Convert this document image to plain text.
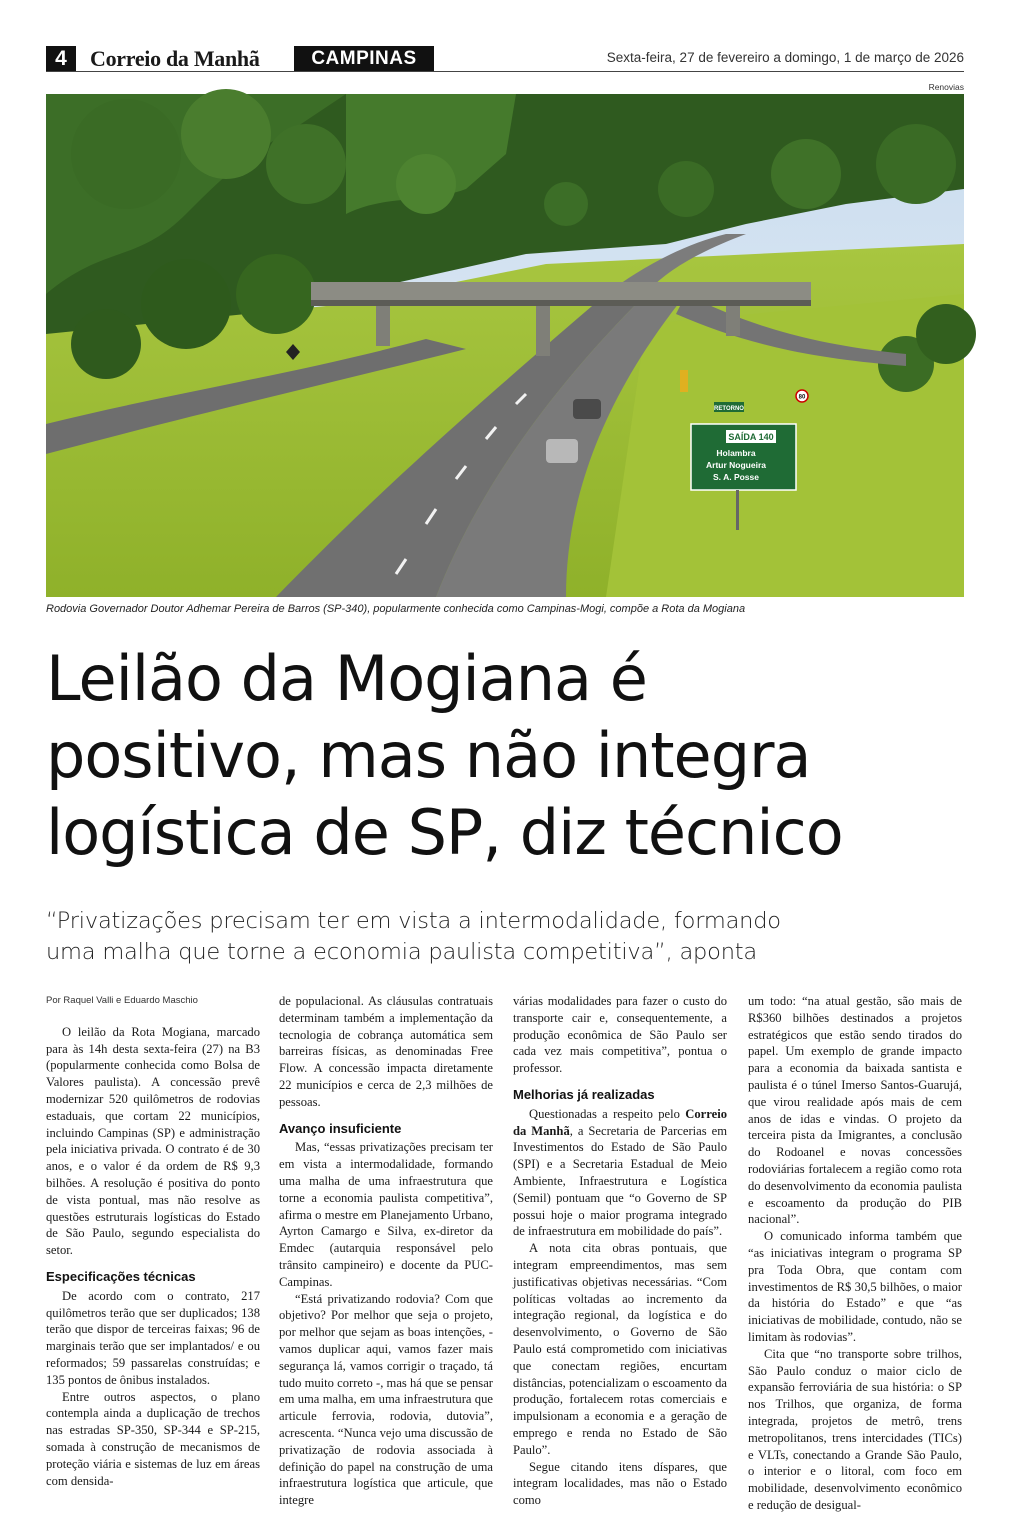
4	Correio da Manhã	CAMPINAS	Sexta-feira, 27 de fevereiro a domingo, 1 de março de 2026
Renovias
RETORNO
SAÍDA 140
Holambra
Artur Nogueira
S. A. Posse
80
Rodovia Governador Doutor Adhemar Pereira de Barros (SP-340), popularmente conhecida como Campinas-Mogi, compõe a Rota da Mogiana
Leilão da Mogiana é
positivo, mas não integra
logística de SP, diz técnico
“Privatizações precisam ter em vista a intermodalidade, formando
uma malha que torne a economia paulista competitiva”, aponta

Por Raquel Valli e Eduardo Maschio

O leilão da Rota Mogiana, marcado para às 14h desta sexta-feira (27) na B3 (popularmente conhecida como Bolsa de Valores paulista). A concessão prevê modernizar 520 quilômetros de rodovias estaduais, que cortam 22 municípios, incluindo Campinas (SP) e administração pela iniciativa privada. O contrato é de 30 anos, e o valor é da ordem de R$ 9,3 bilhões. A resolução é positiva do ponto de vista pontual, mas não resolve as questões estruturais logísticas do Estado de São Paulo, segundo especialista do setor.

Especificações técnicas

De acordo com o contrato, 217 quilômetros terão que ser duplicados; 138 terão que dispor de terceiras faixas; 96 de marginais terão que ser implantados/ e ou reformados; 59 passarelas construídas; e 135 pontos de ônibus instalados.

Entre outros aspectos, o plano contempla ainda a duplicação de trechos nas estradas SP-350, SP-344 e SP-215, somada à construção de mecanismos de proteção viária e sistemas de luz em áreas com densida-

de populacional. As cláusulas contratuais determinam também a implementação da tecnologia de cobrança automática sem barreiras físicas, as denominadas Free Flow. A concessão impacta diretamente 22 municípios e cerca de 2,3 milhões de pessoas.

Avanço insuficiente

Mas, “essas privatizações precisam ter em vista a intermodalidade, formando uma malha de uma infraestrutura que torne a economia paulista competitiva”, afirma o mestre em Planejamento Urbano, Ayrton Camargo e Silva, ex-diretor da Emdec (autarquia responsável pelo trânsito campineiro) e docente da PUC-Campinas.

“Está privatizando rodovia? Com que objetivo? Por melhor que seja o projeto, por melhor que sejam as boas intenções, - vamos duplicar aqui, vamos fazer mais segurança lá, vamos corrigir o traçado, tá tudo muito correto -, mas há que se pensar em uma malha, em uma infraestrutura que articule ferrovia, rodovia, dutovia”, acrescenta. “Nunca vejo uma discussão de privatização de rodovia associada à definição do papel na construção de uma infraestrutura logística que articule, que integre

várias modalidades para fazer o custo do transporte cair e, consequentemente, a produção econômica de São Paulo ser cada vez mais competitiva”, pontua o professor.

Melhorias já realizadas

Questionadas a respeito pelo Correio da Manhã, a Secretaria de Parcerias em Investimentos do Estado de São Paulo (SPI) e a Secretaria Estadual de Meio Ambiente, Infraestrutura e Logística (Semil) pontuam que “o Governo de SP possui hoje o maior programa integrado de infraestrutura em mobilidade do país”.

A nota cita obras pontuais, que integram empreendimentos, mas sem justificativas objetivas necessárias. “Com políticas voltadas ao incremento da integração regional, da logística e do desenvolvimento, o Governo de São Paulo está comprometido com iniciativas que conectam regiões, encurtam distâncias, potencializam o escoamento da produção, fortalecem rotas comerciais e impulsionam a economia e a geração de emprego e renda no Estado de São Paulo”.

Segue citando itens díspares, que integram localidades, mas não o Estado como

um todo: “na atual gestão, são mais de R$360 bilhões destinados a projetos estratégicos que estão sendo tirados do papel. Um exemplo de grande impacto para a economia da baixada santista e paulista é o túnel Imerso Santos-Guarujá, que virou realidade após mais de cem anos de idas e vindas. O projeto da terceira pista da Imigrantes, a conclusão do Rodoanel e novas concessões rodoviárias fortalecem a região como rota do desenvolvimento da economia paulista e escoamento da produção do PIB nacional”.

O comunicado informa também que “as iniciativas integram o programa SP pra Toda Obra, que contam com investimentos de R$ 30,5 bilhões, o maior da história do Estado” e que “as iniciativas de mobilidade, contudo, não se limitam às rodovias”.

Cita que “no transporte sobre trilhos, São Paulo conduz o maior ciclo de expansão ferroviária de sua história: o SP nos Trilhos, que organiza, de forma integrada, projetos de metrô, trens metropolitanos, trens intercidades (TICs) e VLTs, conectando a Grande São Paulo, o interior e o litoral, com foco em mobilidade, desenvolvimento econômico e redução de desigual-
